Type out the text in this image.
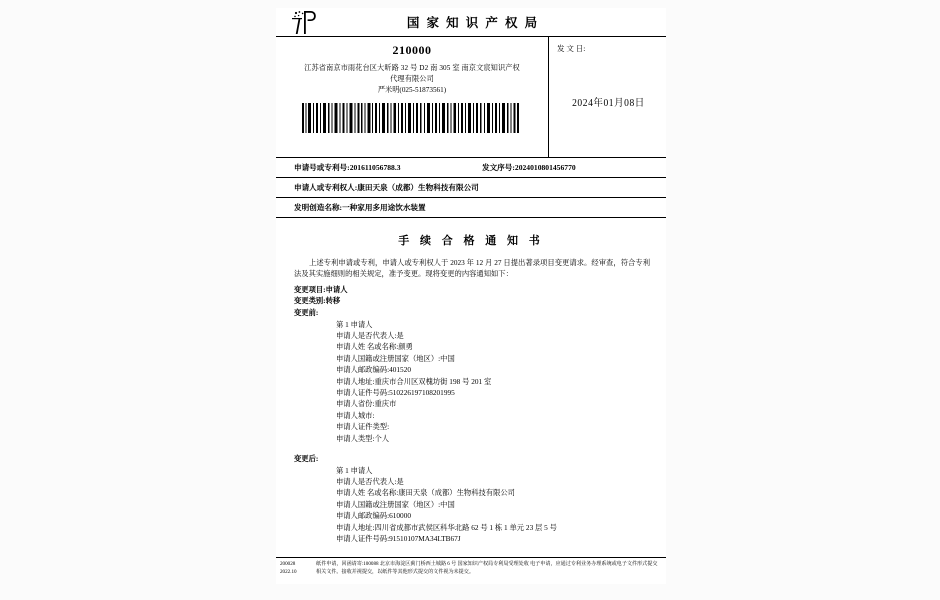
国 家 知 识 产 权 局
210000
江苏省南京市雨花台区大昕路 32 号 D2 南 305 室 南京文宸知识产权
代理有限公司
严米明(025-51873561)
发 文 日:
2024年01月08日
申请号或专利号: 201611056788.3	发文序号: 2024010801456770
申请人或专利权人: 康田天泉（成都）生物科技有限公司
发明创造名称: 一种家用多用途饮水装置
手 续 合 格 通 知 书
上述专利申请或专利，申请人或专利权人于 2023 年 12 月 27 日提出著录项目变更请求。经审查，符合专利法及其实施细则的相关规定，准予变更。现将变更的内容通知如下：
变更项目:申请人
变更类别:转移
变更前:
第 1 申请人
申请人是否代表人:是
申请人姓 名或名称:颜勇
申请人国籍或注册国家（地区）:中国
申请人邮政编码:401520
申请人地址:重庆市合川区双槐坊街 198 号 201 室
申请人证件号码:510226197108201995
申请人省份:重庆市
申请人城市:
申请人证件类型:
申请人类型:个人
变更后:
第 1 申请人
申请人是否代表人:是
申请人姓 名或名称:康田天泉（成都）生物科技有限公司
申请人国籍或注册国家（地区）:中国
申请人邮政编码:610000
申请人地址:四川省成都市武侯区科华北路 62 号 1 栋 1 单元 23 层 5 号
申请人证件号码:91510107MA34LTB67J
200028
2022.10
纸件申请，回函请寄:100088 北京市海淀区蓟门桥西土城路 6 号 国家知识产权局专利局受理处收 电子申请，应通过专利业务办理系统或电子文件形式提交相关文件。接收并视提交，以纸件等其他形式提交的文件视为未提交。
